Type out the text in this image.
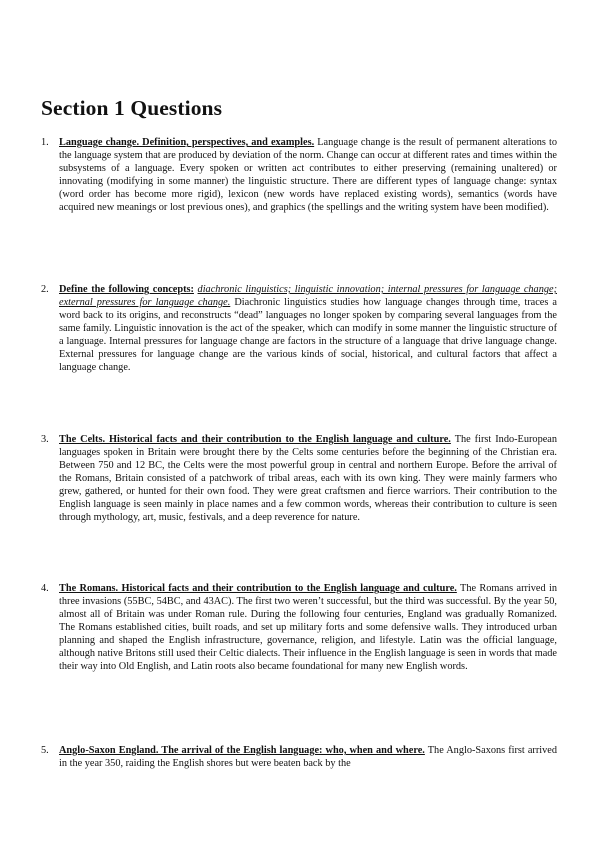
Section 1 Questions
1. Language change. Definition, perspectives, and examples. Language change is the result of permanent alterations to the language system that are produced by deviation of the norm. Change can occur at different rates and times within the subsystems of a language. Every spoken or written act contributes to either preserving (remaining unaltered) or innovating (modifying in some manner) the linguistic structure. There are different types of language change: syntax (word order has become more rigid), lexicon (new words have replaced existing words), semantics (words have acquired new meanings or lost previous ones), and graphics (the spellings and the writing system have been modified).
2. Define the following concepts: diachronic linguistics; linguistic innovation; internal pressures for language change; external pressures for language change. Diachronic linguistics studies how language changes through time, traces a word back to its origins, and reconstructs “dead” languages no longer spoken by comparing several languages from the same family. Linguistic innovation is the act of the speaker, which can modify in some manner the linguistic structure of a language. Internal pressures for language change are factors in the structure of a language that drive language change. External pressures for language change are the various kinds of social, historical, and cultural factors that affect a language change.
3. The Celts. Historical facts and their contribution to the English language and culture. The first Indo-European languages spoken in Britain were brought there by the Celts some centuries before the beginning of the Christian era. Between 750 and 12 BC, the Celts were the most powerful group in central and northern Europe. Before the arrival of the Romans, Britain consisted of a patchwork of tribal areas, each with its own king. They were mainly farmers who grew, gathered, or hunted for their own food. They were great craftsmen and fierce warriors. Their contribution to the English language is seen mainly in place names and a few common words, whereas their contribution to culture is seen through mythology, art, music, festivals, and a deep reverence for nature.
4. The Romans. Historical facts and their contribution to the English language and culture. The Romans arrived in three invasions (55BC, 54BC, and 43AC). The first two weren’t successful, but the third was successful. By the year 50, almost all of Britain was under Roman rule. During the following four centuries, England was gradually Romanized. The Romans established cities, built roads, and set up military forts and some defensive walls. They introduced urban planning and shaped the English infrastructure, governance, religion, and lifestyle. Latin was the official language, although native Britons still used their Celtic dialects. Their influence in the English language is seen in words that made their way into Old English, and Latin roots also became foundational for many new English words.
5. Anglo-Saxon England. The arrival of the English language: who, when and where. The Anglo-Saxons first arrived in the year 350, raiding the English shores but were beaten back by the
